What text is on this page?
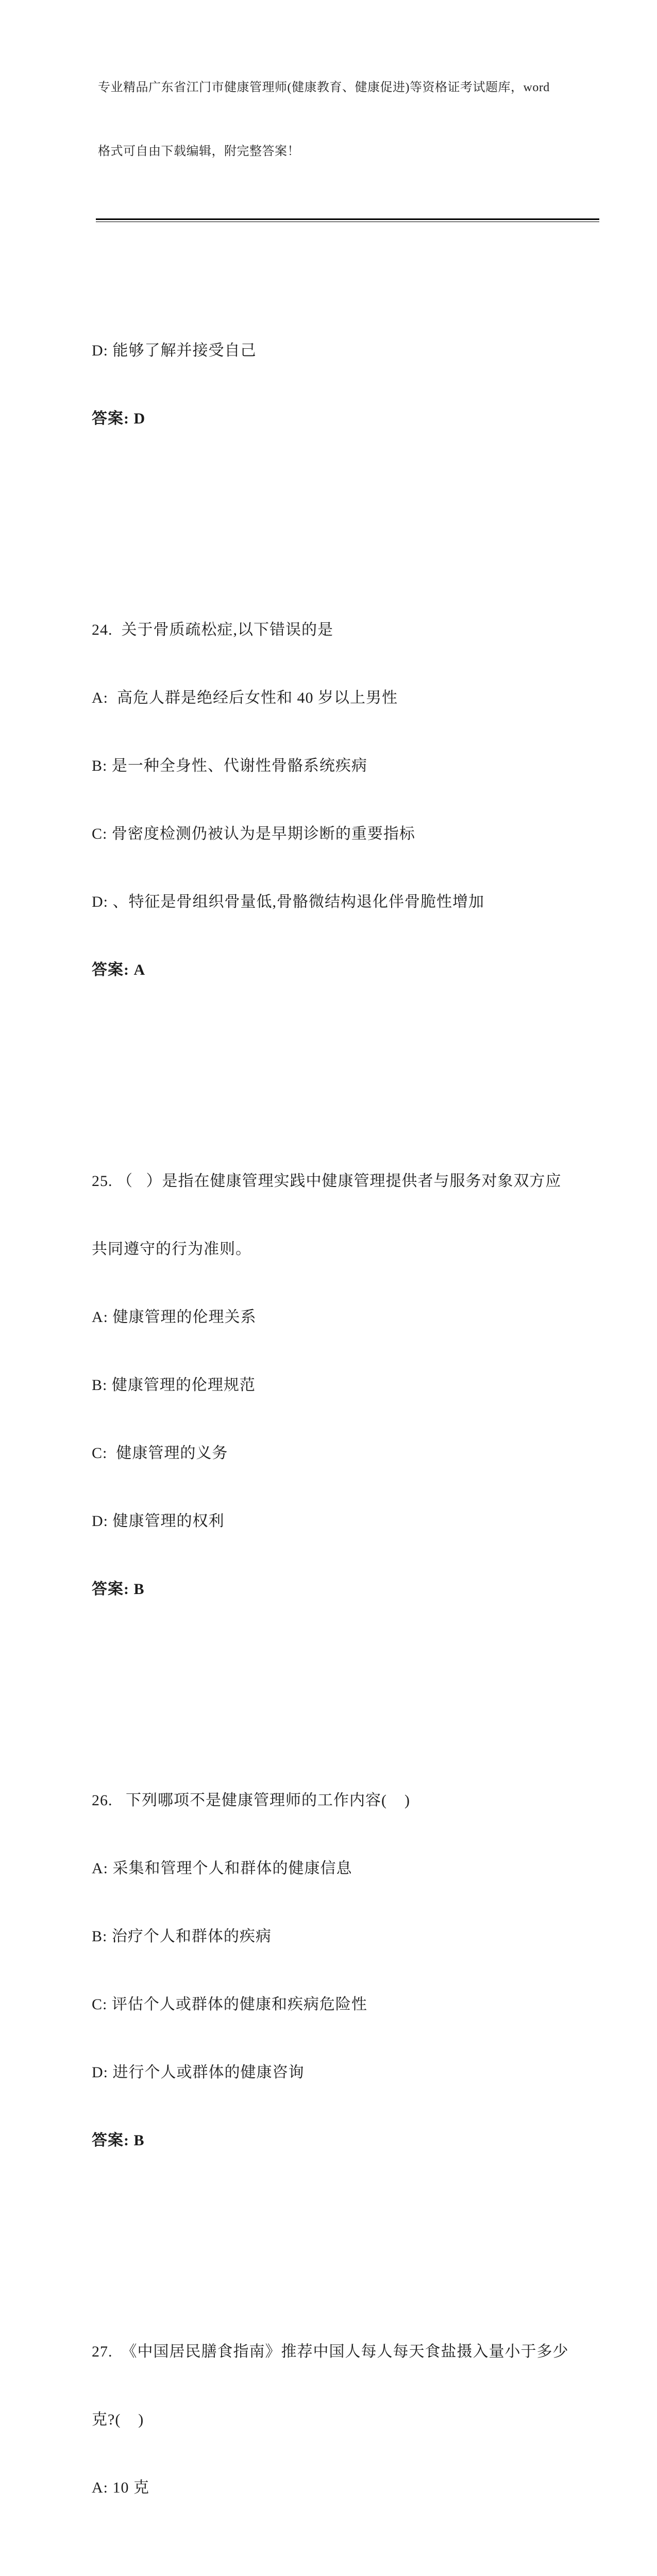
专业精品广东省江门市健康管理师(健康教育、健康促进)等资格证考试题库，word

格式可自由下载编辑，附完整答案！

D: 能够了解并接受自己

答案: D

24.  关于骨质疏松症,以下错误的是

A:  高危人群是绝经后女性和 40 岁以上男性

B: 是一种全身性、代谢性骨骼系统疾病

C: 骨密度检测仍被认为是早期诊断的重要指标

D: 、特征是骨组织骨量低,骨骼微结构退化伴骨脆性增加

答案: A

25. （   ）是指在健康管理实践中健康管理提供者与服务对象双方应

共同遵守的行为准则。

A: 健康管理的伦理关系

B: 健康管理的伦理规范

C:  健康管理的义务

D: 健康管理的权利

答案: B

26.   下列哪项不是健康管理师的工作内容(    )

A: 采集和管理个人和群体的健康信息

B: 治疗个人和群体的疾病

C: 评估个人或群体的健康和疾病危险性

D: 进行个人或群体的健康咨询

答案: B

27.  《中国居民膳食指南》推荐中国人每人每天食盐摄入量小于多少

克?(    )

A: 10 克
